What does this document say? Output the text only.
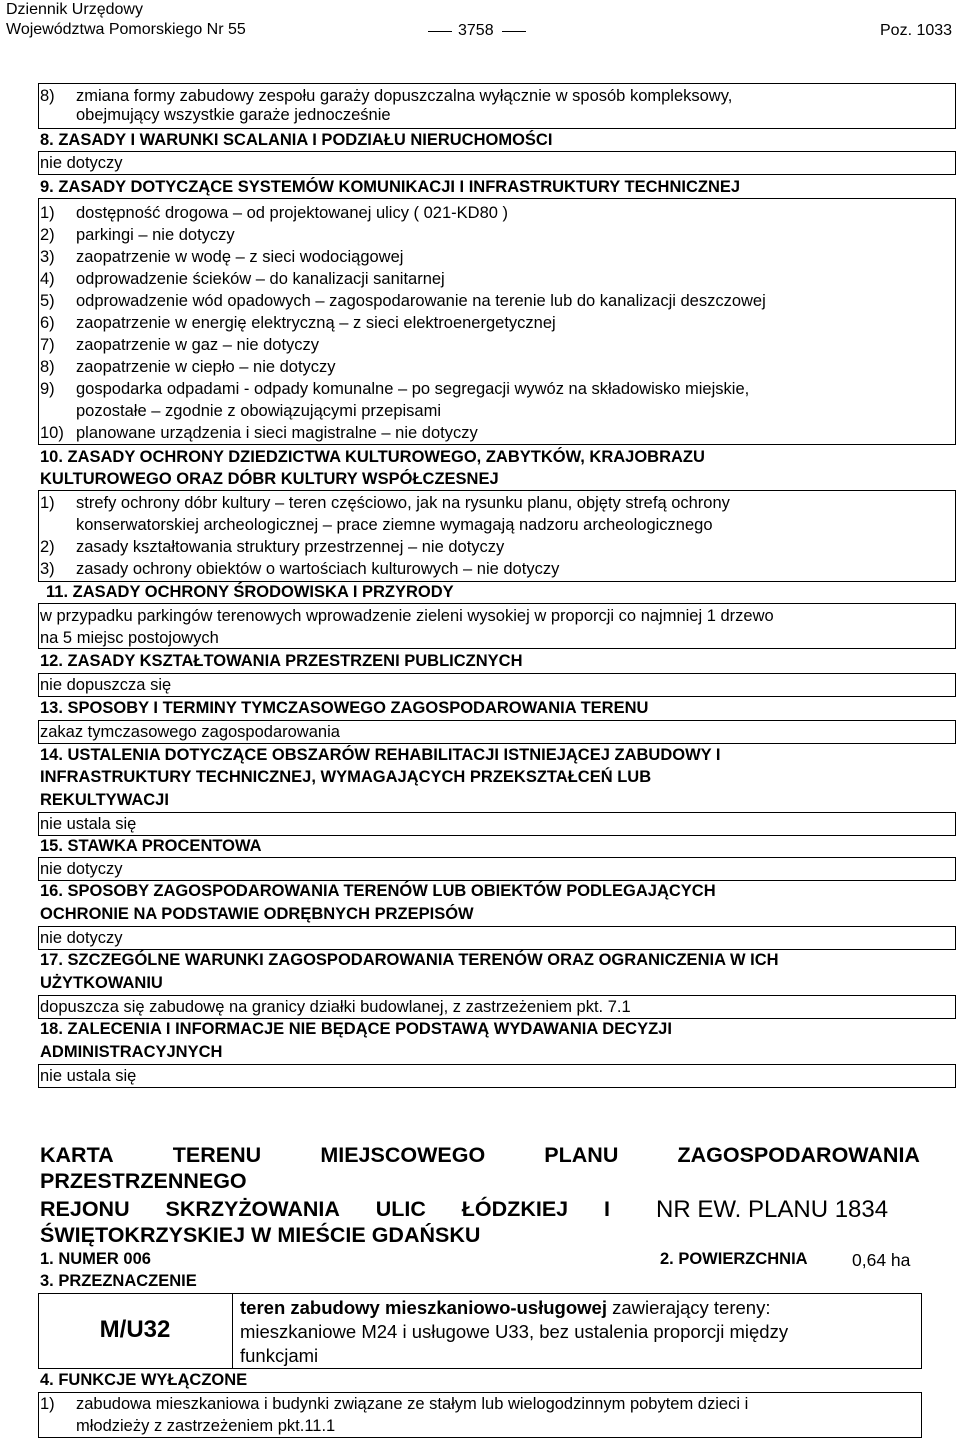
Dziennik Urzędowy
Województwa Pomorskiego Nr 55	3758	Poz. 1033
8) zmiana formy zabudowy zespołu garaży dopuszczalna wyłącznie w sposób kompleksowy,
obejmujący wszystkie garaże jednocześnie
8. ZASADY I WARUNKI SCALANIA I PODZIAŁU NIERUCHOMOŚCI
nie dotyczy
9. ZASADY DOTYCZĄCE SYSTEMÓW KOMUNIKACJI I INFRASTRUKTURY TECHNICZNEJ
1) dostępność drogowa – od projektowanej ulicy ( 021-KD80 )
2) parkingi – nie dotyczy
3) zaopatrzenie w wodę – z sieci wodociągowej
4) odprowadzenie ścieków – do kanalizacji sanitarnej
5) odprowadzenie wód opadowych – zagospodarowanie na terenie lub do kanalizacji deszczowej
6) zaopatrzenie w energię elektryczną – z sieci elektroenergetycznej
7) zaopatrzenie w gaz – nie dotyczy
8) zaopatrzenie w ciepło – nie dotyczy
9) gospodarka odpadami - odpady komunalne – po segregacji wywóz na składowisko miejskie,
pozostałe – zgodnie z obowiązującymi przepisami
10) planowane urządzenia i sieci magistralne – nie dotyczy
10. ZASADY OCHRONY DZIEDZICTWA KULTUROWEGO, ZABYTKÓW, KRAJOBRAZU
KULTUROWEGO ORAZ DÓBR KULTURY WSPÓŁCZESNEJ
1) strefy ochrony dóbr kultury – teren częściowo, jak na rysunku planu, objęty strefą ochrony
konserwatorskiej archeologicznej – prace ziemne wymagają nadzoru archeologicznego
2) zasady kształtowania struktury przestrzennej – nie dotyczy
3) zasady ochrony obiektów o wartościach kulturowych – nie dotyczy
11. ZASADY OCHRONY ŚRODOWISKA I PRZYRODY
w przypadku parkingów terenowych wprowadzenie zieleni wysokiej w proporcji co najmniej 1 drzewo
na 5 miejsc postojowych
12. ZASADY KSZTAŁTOWANIA PRZESTRZENI PUBLICZNYCH
nie dopuszcza się
13. SPOSOBY I TERMINY TYMCZASOWEGO ZAGOSPODAROWANIA TERENU
zakaz tymczasowego zagospodarowania
14. USTALENIA DOTYCZĄCE OBSZARÓW REHABILITACJI ISTNIEJĄCEJ ZABUDOWY I
INFRASTRUKTURY TECHNICZNEJ, WYMAGAJĄCYCH PRZEKSZTAŁCEŃ LUB
REKULTYWACJI
nie ustala się
15. STAWKA PROCENTOWA
nie dotyczy
16. SPOSOBY ZAGOSPODAROWANIA TERENÓW LUB OBIEKTÓW PODLEGAJĄCYCH
OCHRONIE NA PODSTAWIE ODRĘBNYCH PRZEPISÓW
nie dotyczy
17. SZCZEGÓLNE WARUNKI ZAGOSPODAROWANIA TERENÓW ORAZ OGRANICZENIA W ICH
UŻYTKOWANIU
dopuszcza się zabudowę na granicy działki budowlanej, z zastrzeżeniem pkt. 7.1
18. ZALECENIA I INFORMACJE NIE BĘDĄCE PODSTAWĄ WYDAWANIA DECYZJI
ADMINISTRACYJNYCH
nie ustala się
KARTA	TERENU	MIEJSCOWEGO	PLANU	ZAGOSPODAROWANIA
PRZESTRZENNEGO
REJONU SKRZYŻOWANIA ULIC ŁÓDZKIEJ I
ŚWIĘTOKRZYSKIEJ W MIEŚCIE GDAŃSKU
NR EW. PLANU 1834
1. NUMER 006	2. POWIERZCHNIA	0,64 ha
3. PRZEZNACZENIE
M/U32
teren zabudowy mieszkaniowo-usługowej zawierający tereny:
mieszkaniowe M24 i usługowe U33, bez ustalenia proporcji między
funkcjami
4. FUNKCJE WYŁĄCZONE
1) zabudowa mieszkaniowa i budynki związane ze stałym lub wielogodzinnym pobytem dzieci i
młodzieży z zastrzeżeniem pkt.11.1
